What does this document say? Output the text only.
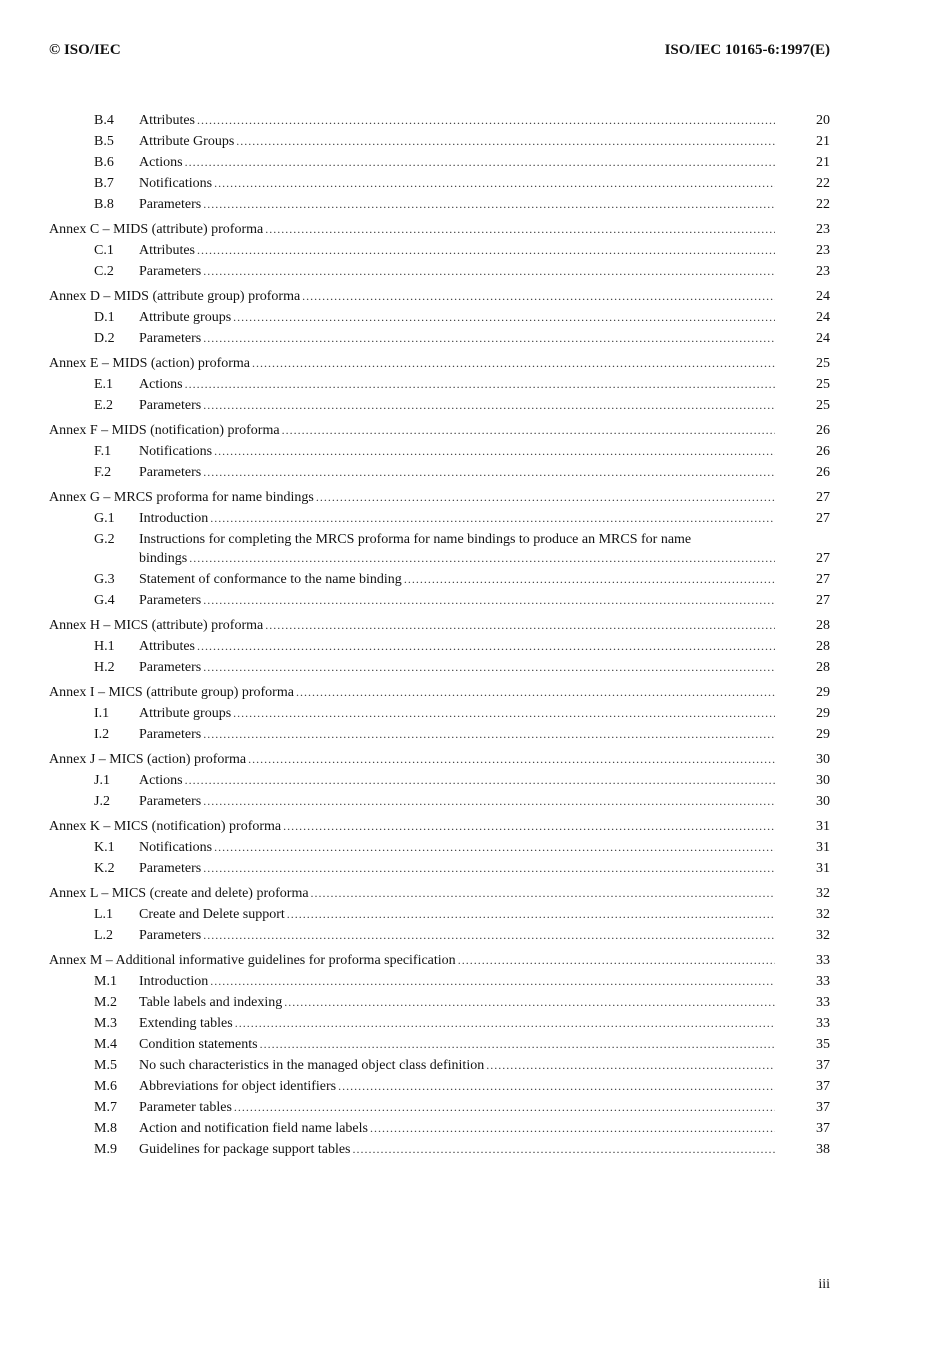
© ISO/IEC	ISO/IEC 10165-6:1997(E)
B.4	Attributes .....	20
B.5	Attribute Groups .....	21
B.6	Actions .....	21
B.7	Notifications .....	22
B.8	Parameters .....	22
Annex C – MIDS (attribute) proforma .....	23
C.1	Attributes .....	23
C.2	Parameters .....	23
Annex D – MIDS (attribute group) proforma .....	24
D.1	Attribute groups .....	24
D.2	Parameters .....	24
Annex E – MIDS (action) proforma .....	25
E.1	Actions .....	25
E.2	Parameters .....	25
Annex F – MIDS (notification) proforma .....	26
F.1	Notifications .....	26
F.2	Parameters .....	26
Annex G – MRCS proforma for name bindings .....	27
G.1	Introduction .....	27
G.2	Instructions for completing the MRCS proforma for name bindings to produce an MRCS for name
bindings .....	27
G.3	Statement of conformance to the name binding .....	27
G.4	Parameters .....	27
Annex H – MICS (attribute) proforma .....	28
H.1	Attributes .....	28
H.2	Parameters .....	28
Annex I – MICS (attribute group) proforma .....	29
I.1	Attribute groups .....	29
I.2	Parameters .....	29
Annex J – MICS (action) proforma .....	30
J.1	Actions .....	30
J.2	Parameters .....	30
Annex K – MICS (notification) proforma .....	31
K.1	Notifications .....	31
K.2	Parameters .....	31
Annex L – MICS (create and delete) proforma .....	32
L.1	Create and Delete support .....	32
L.2	Parameters .....	32
Annex M – Additional informative guidelines for proforma specification .....	33
M.1	Introduction .....	33
M.2	Table labels and indexing .....	33
M.3	Extending tables .....	33
M.4	Condition statements .....	35
M.5	No such characteristics in the managed object class definition .....	37
M.6	Abbreviations for object identifiers .....	37
M.7	Parameter tables .....	37
M.8	Action and notification field name labels .....	37
M.9	Guidelines for package support tables .....	38
iii
